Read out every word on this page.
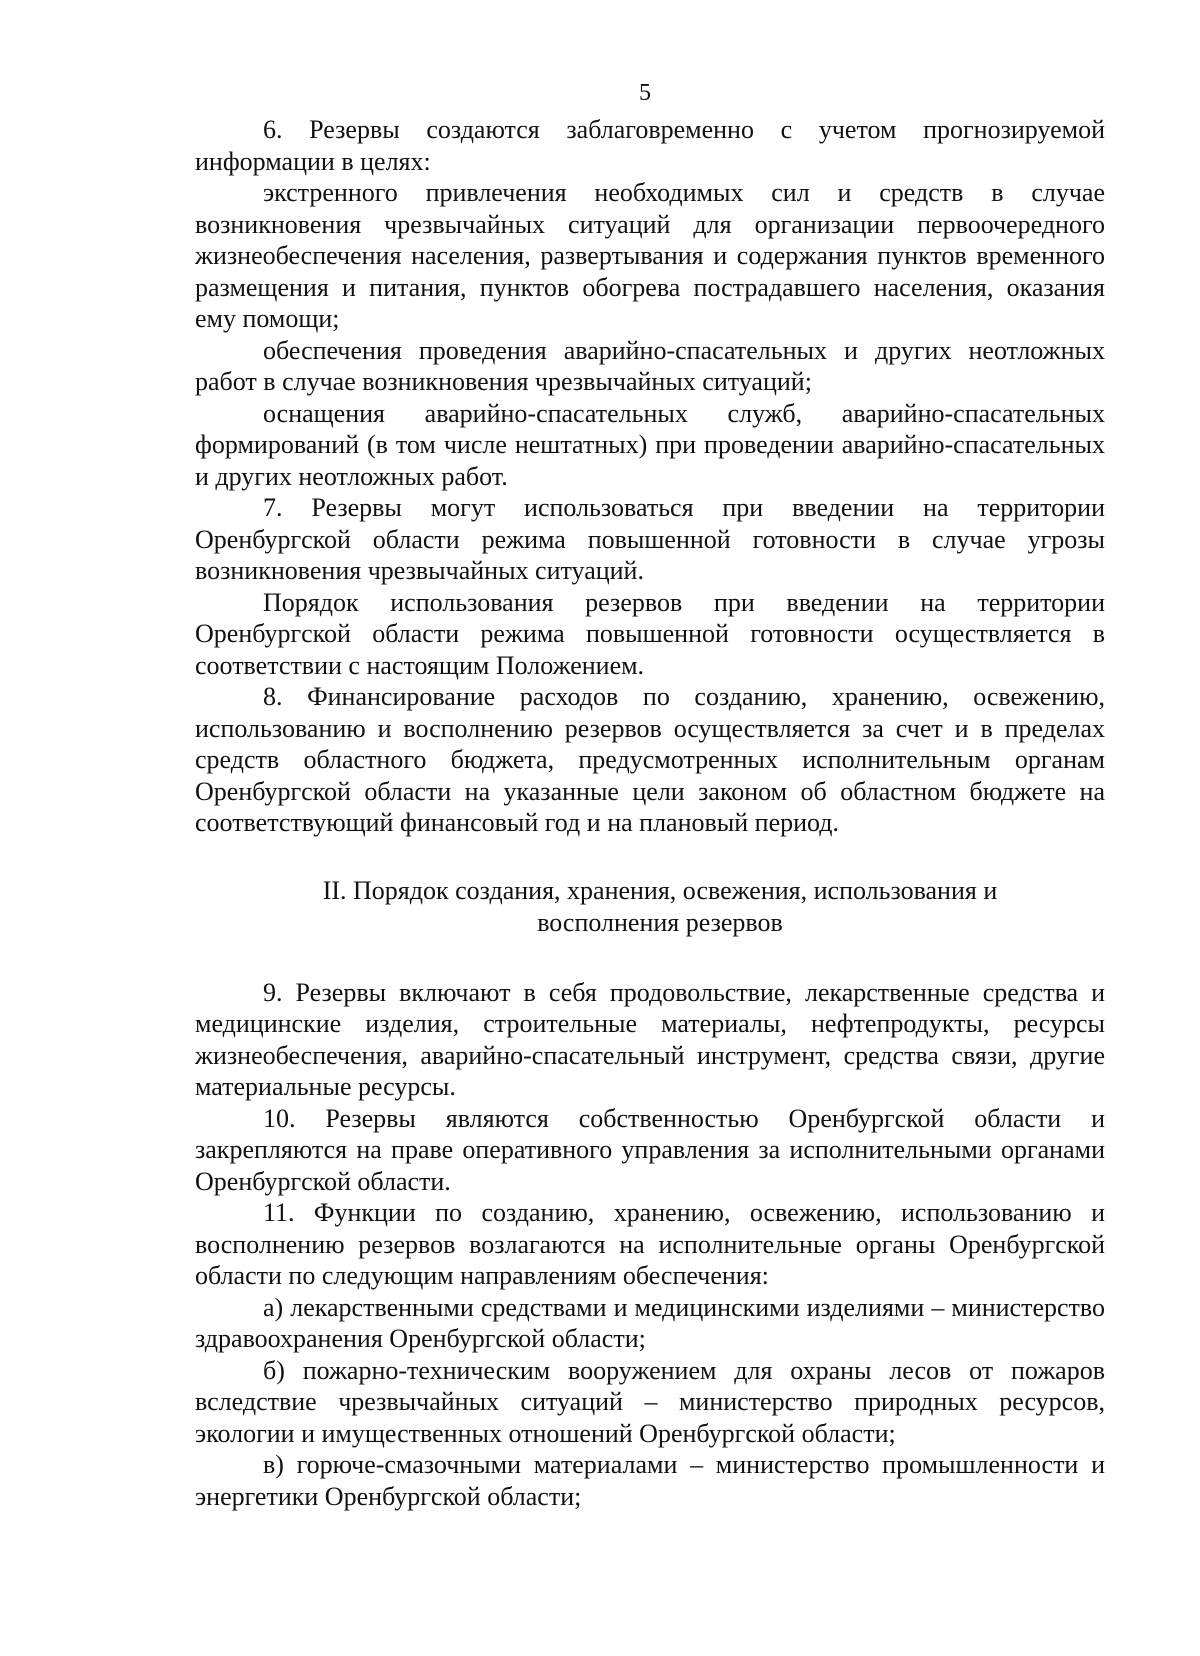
5

6. Резервы создаются заблаговременно с учетом прогнозируемой информации в целях:

экстренного привлечения необходимых сил и средств в случае возникновения чрезвычайных ситуаций для организации первоочередного жизнеобеспечения населения, развертывания и содержания пунктов временного размещения и питания, пунктов обогрева пострадавшего населения, оказания ему помощи;

обеспечения проведения аварийно-спасательных и других неотложных работ в случае возникновения чрезвычайных ситуаций;

оснащения аварийно-спасательных служб, аварийно-спасательных формирований (в том числе нештатных) при проведении аварийно-спасательных и других неотложных работ.

7. Резервы могут использоваться при введении на территории Оренбургской области режима повышенной готовности в случае угрозы возникновения чрезвычайных ситуаций.

Порядок использования резервов при введении на территории Оренбургской области режима повышенной готовности осуществляется в соответствии с настоящим Положением.

8. Финансирование расходов по созданию, хранению, освежению, использованию и восполнению резервов осуществляется за счет и в пределах средств областного бюджета, предусмотренных исполнительным органам Оренбургской области на указанные цели законом об областном бюджете на соответствующий финансовый год и на плановый период.

II. Порядок создания, хранения, освежения, использования и
восполнения резервов

9. Резервы включают в себя продовольствие, лекарственные средства и медицинские изделия, строительные материалы, нефтепродукты, ресурсы жизнеобеспечения, аварийно-спасательный инструмент, средства связи, другие материальные ресурсы.

10. Резервы являются собственностью Оренбургской области и закрепляются на праве оперативного управления за исполнительными органами Оренбургской области.

11. Функции по созданию, хранению, освежению, использованию и восполнению резервов возлагаются на исполнительные органы Оренбургской области по следующим направлениям обеспечения:

а) лекарственными средствами и медицинскими изделиями – министерство здравоохранения Оренбургской области;

б) пожарно-техническим вооружением для охраны лесов от пожаров вследствие чрезвычайных ситуаций – министерство природных ресурсов, экологии и имущественных отношений Оренбургской области;

в) горюче-смазочными материалами – министерство промышленности и энергетики Оренбургской области;
